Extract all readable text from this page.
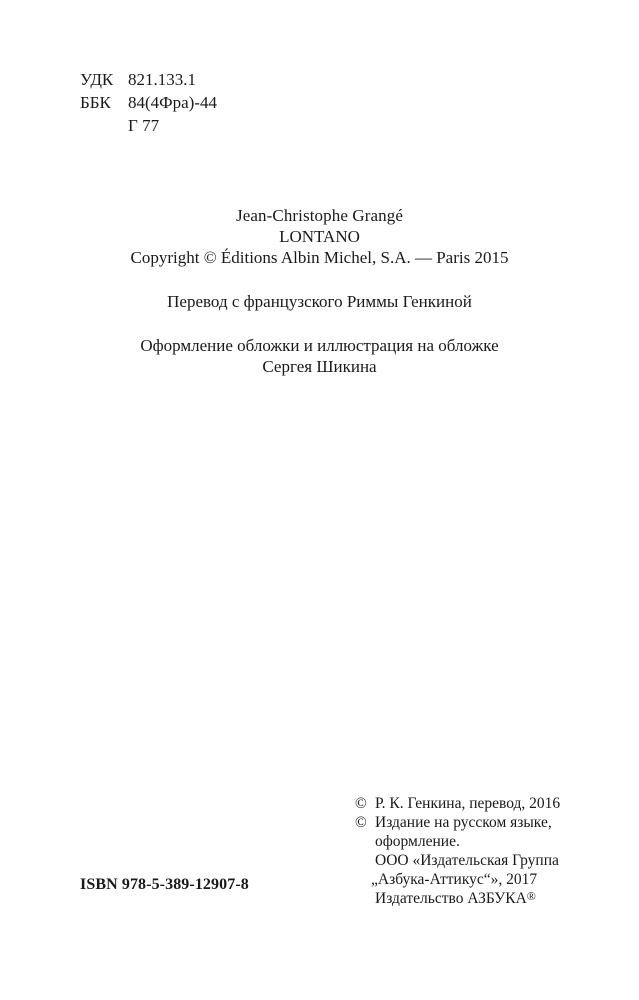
УДК 821.133.1
ББК	84(4Фра)-44
Г 77
Jean-Christophe Grangé
LONTANO
Copyright © Éditions Albin Michel, S.A. — Paris 2015
Перевод с французского Риммы Генкиной
Оформление обложки и иллюстрация на обложке
Сергея Шикина
© Р. К. Генкина, перевод, 2016
© Издание на русском языке,
оформление.
ООО «Издательская Группа
„Азбука-Аттикус“», 2017
Издательство АЗБУКА®
ISBN 978-5-389-12907-8
